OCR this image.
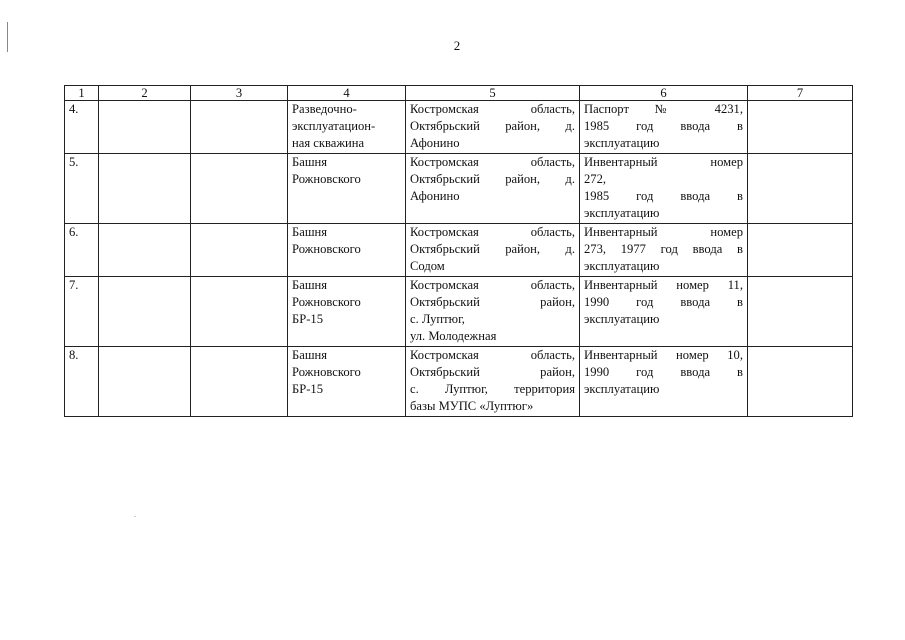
2
1	2	3	4	5	6	7
4.			Разведочно-
эксплуатацион-
ная скважина	Костромская область,
Октябрьский район, д.
Афонино	Паспорт № 4231,
1985 год ввода в
эксплуатацию	

5.			Башня
Рожновского	Костромская область,
Октябрьский район, д.
Афонино	Инвентарный номер
272,
1985 год ввода в
эксплуатацию	

6.			Башня
Рожновского	Костромская область,
Октябрьский район, д.
Содом	Инвентарный номер
273, 1977 год ввода в
эксплуатацию	

7.			Башня
Рожновского
БР-15	Костромская область,
Октябрьский район,
с. Луптюг,
ул. Молодежная	Инвентарный номер 11,
1990 год ввода в
эксплуатацию	

8.			Башня
Рожновского
БР-15	Костромская область,
Октябрьский район,
с. Луптюг, территория
базы МУПС «Луптюг»	Инвентарный номер 10,
1990 год ввода в
эксплуатацию	
